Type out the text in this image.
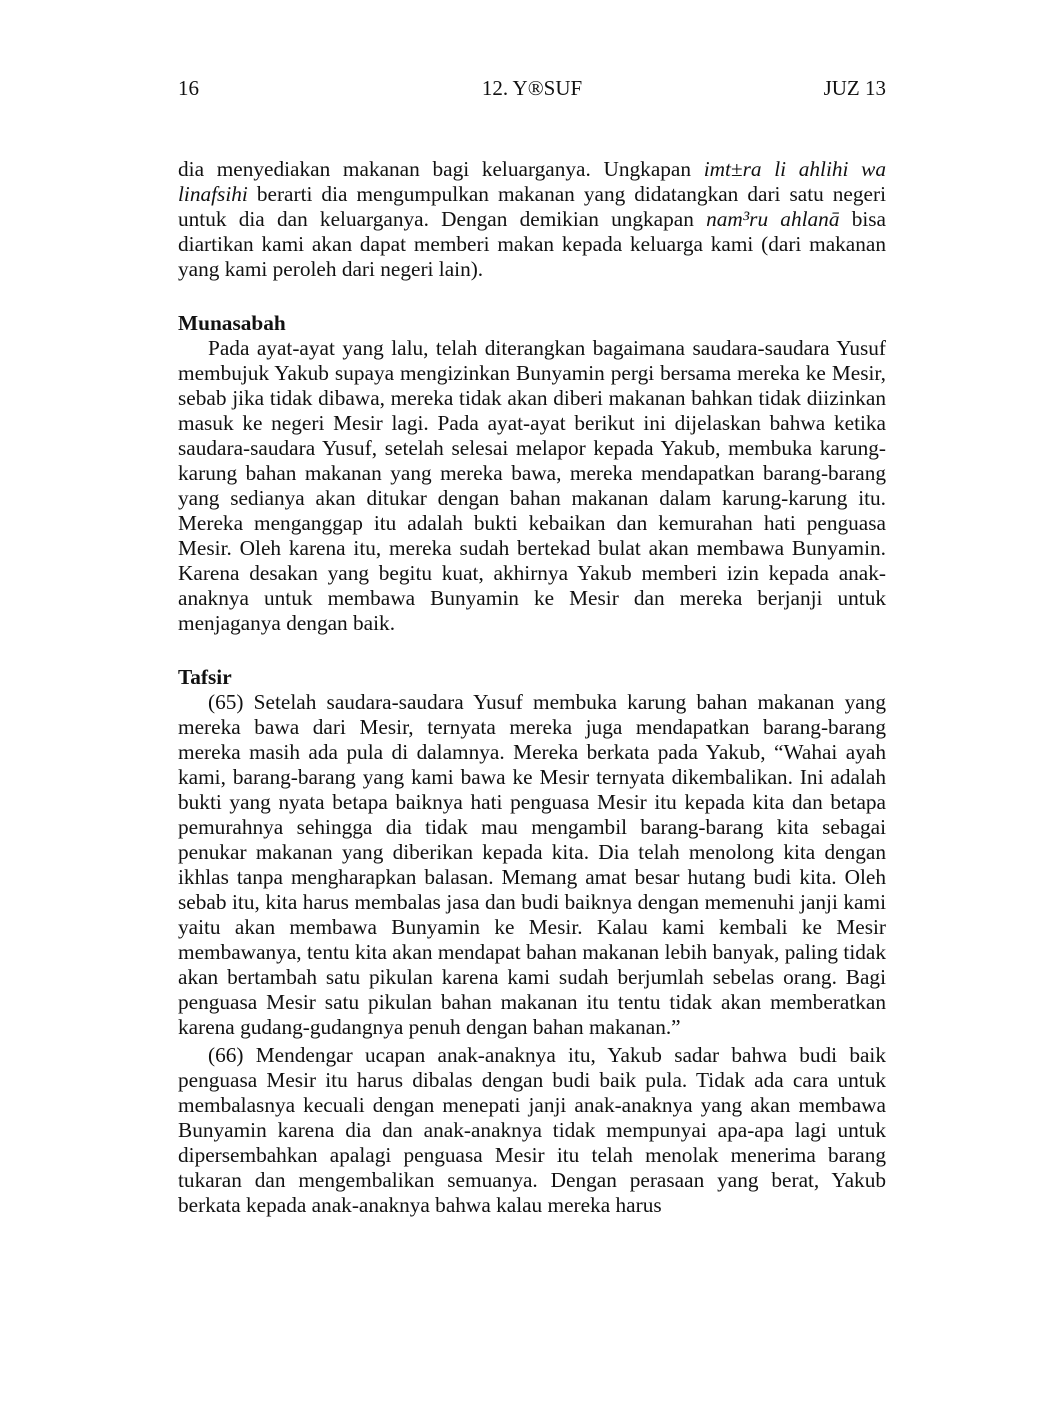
16	12. Y®SUF	JUZ 13

dia menyediakan makanan bagi keluarganya. Ungkapan imt±ra li ahlihi wa linafsihi berarti dia mengumpulkan makanan yang didatangkan dari satu negeri untuk dia dan keluarganya. Dengan demikian ungkapan nam³ru ahlanā bisa diartikan kami akan dapat memberi makan kepada keluarga kami (dari makanan yang kami peroleh dari negeri lain).

Munasabah

Pada ayat-ayat yang lalu, telah diterangkan bagaimana saudara-saudara Yusuf membujuk Yakub supaya mengizinkan Bunyamin pergi bersama mereka ke Mesir, sebab jika tidak dibawa, mereka tidak akan diberi makanan bahkan tidak diizinkan masuk ke negeri Mesir lagi. Pada ayat-ayat berikut ini dijelaskan bahwa ketika saudara-saudara Yusuf, setelah selesai melapor kepada Yakub, membuka karung-karung bahan makanan yang mereka bawa, mereka mendapatkan barang-barang yang sedianya akan ditukar dengan bahan makanan dalam karung-karung itu. Mereka menganggap itu adalah bukti kebaikan dan kemurahan hati penguasa Mesir. Oleh karena itu, mereka sudah bertekad bulat akan membawa Bunyamin. Karena desakan yang begitu kuat, akhirnya Yakub memberi izin kepada anak-anaknya untuk membawa Bunyamin ke Mesir dan mereka berjanji untuk menjaganya dengan baik.

Tafsir

(65) Setelah saudara-saudara Yusuf membuka karung bahan makanan yang mereka bawa dari Mesir, ternyata mereka juga mendapatkan barang-barang mereka masih ada pula di dalamnya. Mereka berkata pada Yakub, “Wahai ayah kami, barang-barang yang kami bawa ke Mesir ternyata dikembalikan. Ini adalah bukti yang nyata betapa baiknya hati penguasa Mesir itu kepada kita dan betapa pemurahnya sehingga dia tidak mau mengambil barang-barang kita sebagai penukar makanan yang diberikan kepada kita. Dia telah menolong kita dengan ikhlas tanpa mengharapkan balasan. Memang amat besar hutang budi kita. Oleh sebab itu, kita harus membalas jasa dan budi baiknya dengan memenuhi janji kami yaitu akan membawa Bunyamin ke Mesir. Kalau kami kembali ke Mesir membawanya, tentu kita akan mendapat bahan makanan lebih banyak, paling tidak akan bertambah satu pikulan karena kami sudah berjumlah sebelas orang. Bagi penguasa Mesir satu pikulan bahan makanan itu tentu tidak akan memberatkan karena gudang-gudangnya penuh dengan bahan makanan.”

(66) Mendengar ucapan anak-anaknya itu, Yakub sadar bahwa budi baik penguasa Mesir itu harus dibalas dengan budi baik pula. Tidak ada cara untuk membalasnya kecuali dengan menepati janji anak-anaknya yang akan membawa Bunyamin karena dia dan anak-anaknya tidak mempunyai apa-apa lagi untuk dipersembahkan apalagi penguasa Mesir itu telah menolak menerima barang tukaran dan mengembalikan semuanya. Dengan perasaan yang berat, Yakub berkata kepada anak-anaknya bahwa kalau mereka harus
